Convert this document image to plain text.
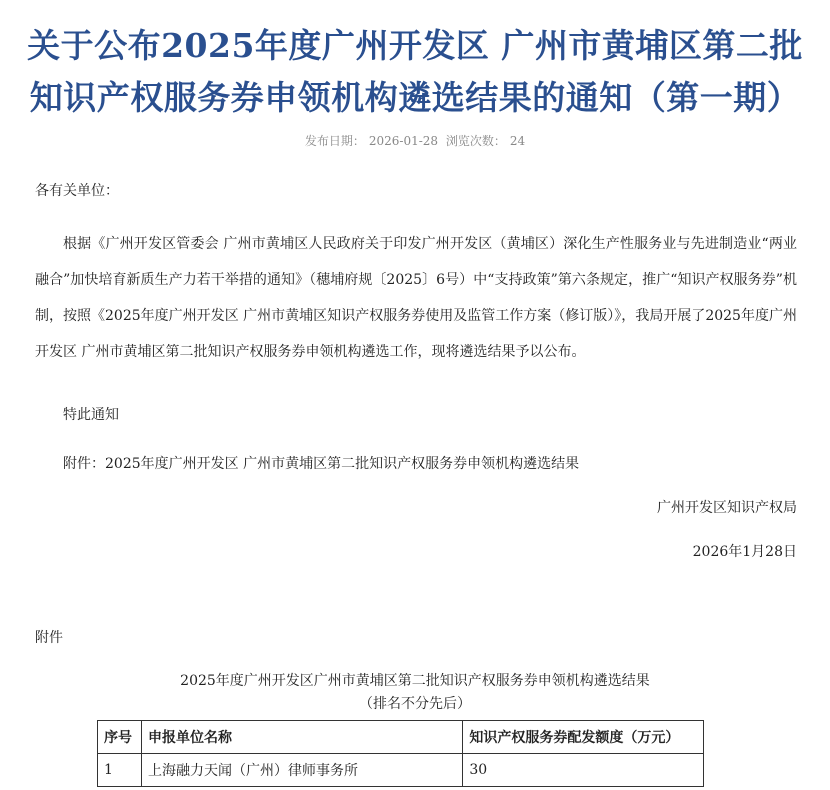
关于公布2025年度广州开发区 广州市黄埔区第二批知识产权服务券申领机构遴选结果的通知（第一期）
发布日期： 2026-01-28 浏览次数： 24
各有关单位：
根据《广州开发区管委会 广州市黄埔区人民政府关于印发广州开发区（黄埔区）深化生产性服务业与先进制造业“两业融合”加快培育新质生产力若干举措的通知》（穗埔府规〔2025〕6号）中“支持政策”第六条规定，推广“知识产权服务券”机制，按照《2025年度广州开发区 广州市黄埔区知识产权服务券使用及监管工作方案（修订版）》，我局开展了2025年度广州开发区 广州市黄埔区第二批知识产权服务券申领机构遴选工作，现将遴选结果予以公布。
特此通知
附件：2025年度广州开发区 广州市黄埔区第二批知识产权服务券申领机构遴选结果
广州开发区知识产权局
2026年1月28日
附件
2025年度广州开发区广州市黄埔区第二批知识产权服务券申领机构遴选结果
（排名不分先后）
序号	申报单位名称	知识产权服务券配发额度（万元）
1	上海融力天闻（广州）律师事务所	30
